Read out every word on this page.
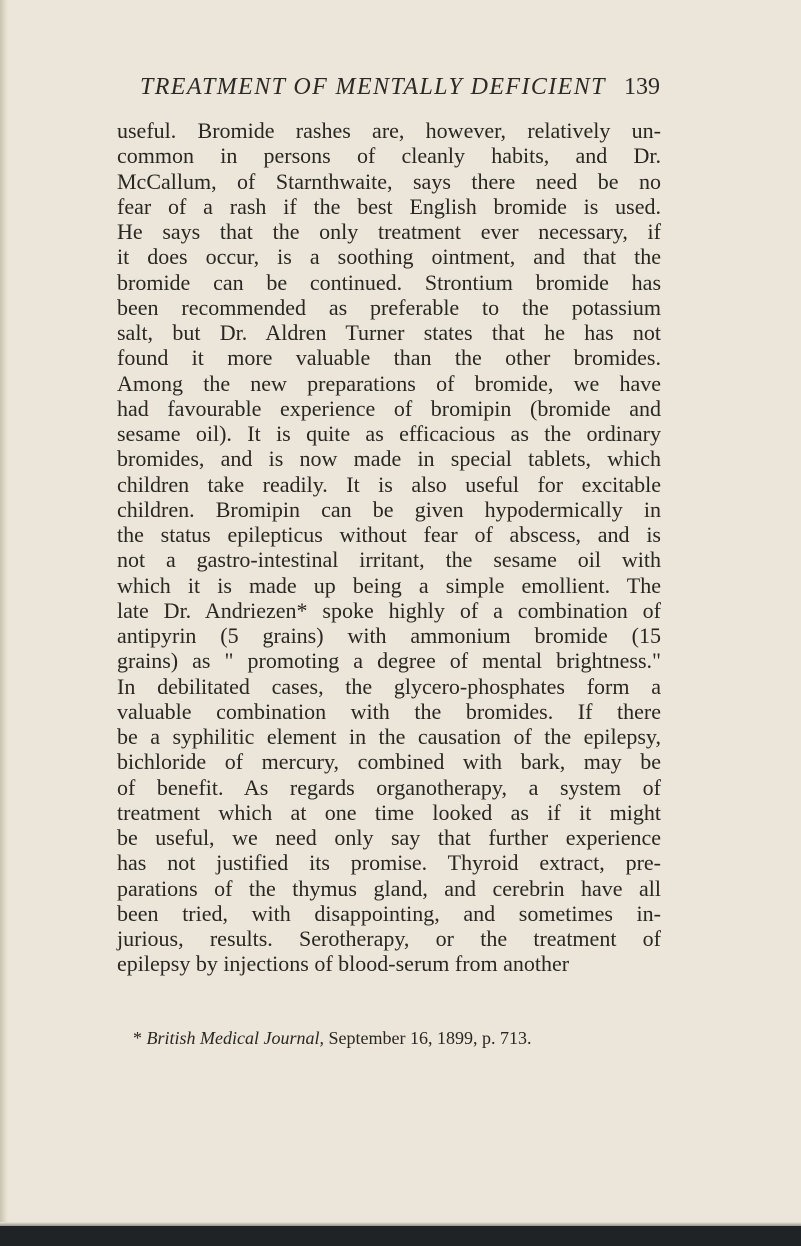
TREATMENT OF MENTALLY DEFICIENT 139
useful. Bromide rashes are, however, relatively un-
common in persons of cleanly habits, and Dr.
McCallum, of Starnthwaite, says there need be no
fear of a rash if the best English bromide is used.
He says that the only treatment ever necessary, if
it does occur, is a soothing ointment, and that the
bromide can be continued. Strontium bromide has
been recommended as preferable to the potassium
salt, but Dr. Aldren Turner states that he has not
found it more valuable than the other bromides.
Among the new preparations of bromide, we have
had favourable experience of bromipin (bromide and
sesame oil). It is quite as efficacious as the ordinary
bromides, and is now made in special tablets, which
children take readily. It is also useful for excitable
children. Bromipin can be given hypodermically in
the status epilepticus without fear of abscess, and is
not a gastro-intestinal irritant, the sesame oil with
which it is made up being a simple emollient. The
late Dr. Andriezen* spoke highly of a combination of
antipyrin (5 grains) with ammonium bromide (15
grains) as " promoting a degree of mental brightness."
In debilitated cases, the glycero-phosphates form a
valuable combination with the bromides. If there
be a syphilitic element in the causation of the epilepsy,
bichloride of mercury, combined with bark, may be
of benefit. As regards organotherapy, a system of
treatment which at one time looked as if it might
be useful, we need only say that further experience
has not justified its promise. Thyroid extract, pre-
parations of the thymus gland, and cerebrin have all
been tried, with disappointing, and sometimes in-
jurious, results. Serotherapy, or the treatment of
epilepsy by injections of blood-serum from another
* British Medical Journal, September 16, 1899, p. 713.
